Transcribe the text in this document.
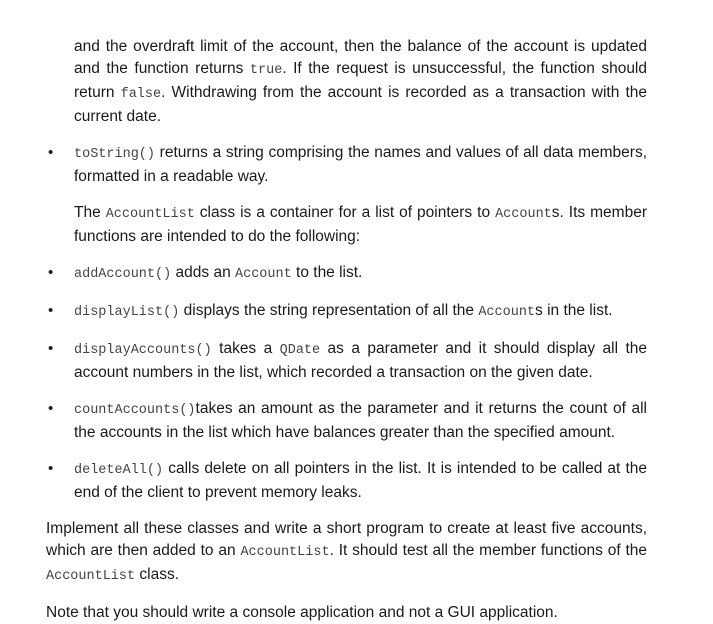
and the overdraft limit of the account, then the balance of the account is updated and the function returns true. If the request is unsuccessful, the function should return false. Withdrawing from the account is recorded as a transaction with the current date.

• toString() returns a string comprising the names and values of all data members, formatted in a readable way.

The AccountList class is a container for a list of pointers to Accounts. Its member functions are intended to do the following:

• addAccount() adds an Account to the list.
• displayList() displays the string representation of all the Accounts in the list.
• displayAccounts() takes a QDate as a parameter and it should display all the account numbers in the list, which recorded a transaction on the given date.
• countAccounts()takes an amount as the parameter and it returns the count of all the accounts in the list which have balances greater than the specified amount.
• deleteAll() calls delete on all pointers in the list. It is intended to be called at the end of the client to prevent memory leaks.

Implement all these classes and write a short program to create at least five accounts, which are then added to an AccountList. It should test all the member functions of the AccountList class.

Note that you should write a console application and not a GUI application.
